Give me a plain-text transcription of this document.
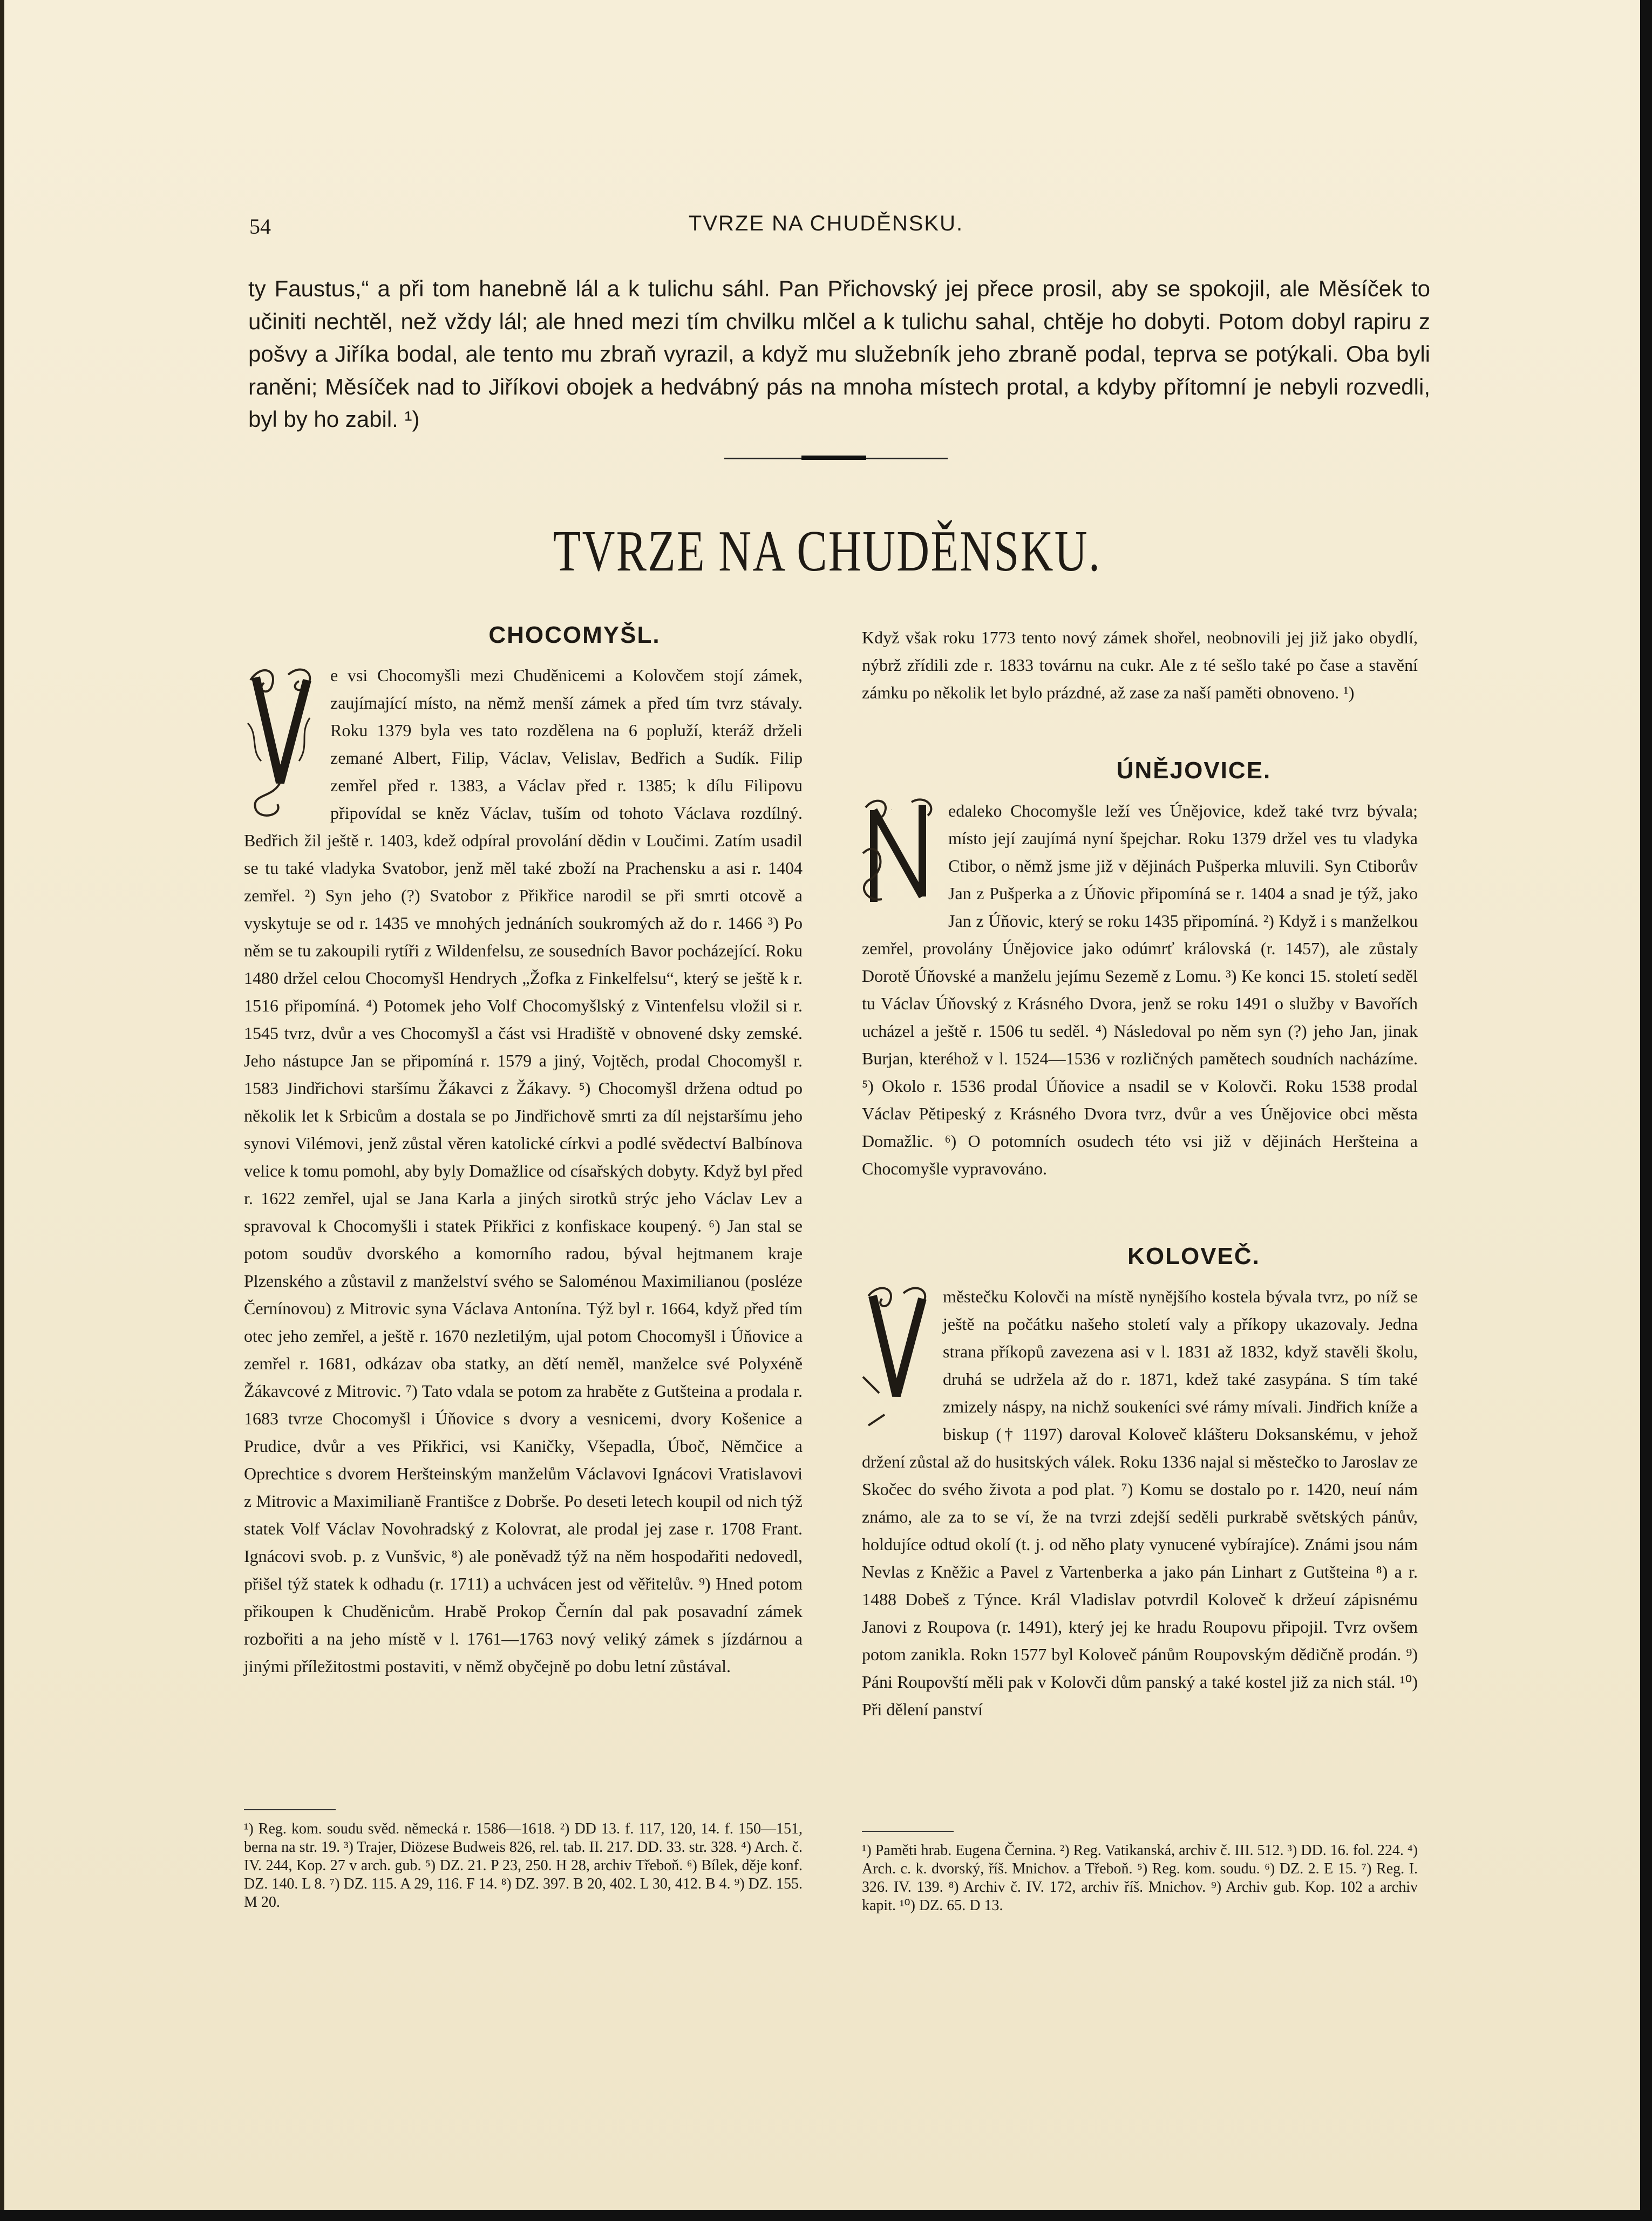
54	TVRZE NA CHUDĚNSKU.

ty Faustus,“ a při tom hanebně lál a k tulichu sáhl. Pan Přichovský jej přece prosil, aby se spokojil, ale Měsíček to učiniti nechtěl, než vždy lál; ale hned mezi tím chvilku mlčel a k tulichu sahal, chtěje ho dobyti. Potom dobyl rapiru z pošvy a Jiříka bodal, ale tento mu zbraň vyrazil, a když mu služebník jeho zbraně podal, teprva se potýkali. Oba byli raněni; Měsíček nad to Jiříkovi obojek a hedvábný pás na mnoha místech protal, a kdyby přítomní je nebyli rozvedli, byl by ho zabil. ¹)

TVRZE NA CHUDĚNSKU.
CHOCOMYŠL.

V	e vsi Chocomyšli mezi Chuděnicemi a Kolovčem stojí zámek, zaujímající místo, na němž menší zámek a před tím tvrz stávaly. Roku 1379 byla ves tato rozdělena na 6 popluží, kteráž drželi zemané Albert, Filip, Václav, Velislav, Bedřich a Sudík. Filip zemřel před r. 1383, a Václav před r. 1385; k dílu Filipovu připovídal se kněz Václav, tuším od tohoto Václava rozdílný. Bedřich žil ještě r. 1403, kdež odpíral provolání dědin v Loučimi. Zatím usadil se tu také vladyka Svatobor, jenž měl také zboží na Prachensku a asi r. 1404 zemřel. ²) Syn jeho (?) Svatobor z Přikřice narodil se při smrti otcově a vyskytuje se od r. 1435 ve mnohých jednáních soukromých až do r. 1466 ³) Po něm se tu zakoupili rytíři z Wildenfelsu, ze sousedních Bavor pocházející. Roku 1480 držel celou Chocomyšl Hendrych „Žofka z Finkelfelsu“, který se ještě k r. 1516 připomíná. ⁴) Potomek jeho Volf Chocomyšlský z Vintenfelsu vložil si r. 1545 tvrz, dvůr a ves Chocomyšl a část vsi Hradiště v obnovené dsky zemské. Jeho nástupce Jan se připomíná r. 1579 a jiný, Vojtěch, prodal Chocomyšl r. 1583 Jindřichovi staršímu Žákavci z Žákavy. ⁵) Chocomyšl držena odtud po několik let k Srbicům a dostala se po Jindřichově smrti za díl nejstaršímu jeho synovi Vilémovi, jenž zůstal věren katolické církvi a podlé svědectví Balbínova velice k tomu pomohl, aby byly Domažlice od císařských dobyty. Když byl před r. 1622 zemřel, ujal se Jana Karla a jiných sirotků strýc jeho Václav Lev a spravoval k Chocomyšli i statek Přikřici z konfiskace koupený. ⁶) Jan stal se potom soudův dvorského a komorního radou, býval hejtmanem kraje Plzenského a zůstavil z manželství svého se Saloménou Maximilianou (posléze Černínovou) z Mitrovic syna Václava Antonína. Týž byl r. 1664, když před tím otec jeho zemřel, a ještě r. 1670 nezletilým, ujal potom Chocomyšl i Úňovice a zemřel r. 1681, odkázav oba statky, an dětí neměl, manželce své Polyxéně Žákavcové z Mitrovic. ⁷) Tato vdala se potom za hraběte z Gutšteina a prodala r. 1683 tvrze Chocomyšl i Úňovice s dvory a vesnicemi, dvory Košenice a Prudice, dvůr a ves Přikřici, vsi Kaničky, Všepadla, Úboč, Němčice a Oprechtice s dvorem Heršteinským manželům Václavovi Ignácovi Vratislavovi z Mitrovic a Maximilianě Františce z Dobrše. Po deseti letech koupil od nich týž statek Volf Václav Novohradský z Kolovrat, ale prodal jej zase r. 1708 Frant. Ignácovi svob. p. z Vunšvic, ⁸) ale poněvadž týž na něm hospodařiti nedovedl, přišel týž statek k odhadu (r. 1711) a uchvácen jest od věřitelův. ⁹) Hned potom přikoupen k Chuděnicům. Hrabě Prokop Černín dal pak posavadní zámek rozbořiti a na jeho místě v l. 1761—1763 nový veliký zámek s jízdárnou a jinými příležitostmi postaviti, v němž obyčejně po dobu letní zůstával.

¹) Reg. kom. soudu svěd. německá r. 1586—1618. ²) DD 13. f. 117, 120, 14. f. 150—151, berna na str. 19. ³) Trajer, Diözese Budweis 826, rel. tab. II. 217. DD. 33. str. 328. ⁴) Arch. č. IV. 244, Kop. 27 v arch. gub. ⁵) DZ. 21. P 23, 250. H 28, archiv Třeboň. ⁶) Bílek, děje konf. DZ. 140. L 8. ⁷) DZ. 115. A 29, 116. F 14. ⁸) DZ. 397. B 20, 402. L 30, 412. B 4. ⁹) DZ. 155. M 20.

Když však roku 1773 tento nový zámek shořel, neobnovili jej již jako obydlí, nýbrž zřídili zde r. 1833 továrnu na cukr. Ale z té sešlo také po čase a stavění zámku po několik let bylo prázdné, až zase za naší paměti obnoveno. ¹)

ÚNĚJOVICE.

N	edaleko Chocomyšle leží ves Únějovice, kdež také tvrz bývala; místo její zaujímá nyní špejchar. Roku 1379 držel ves tu vladyka Ctibor, o němž jsme již v dějinách Pušperka mluvili. Syn Ctiborův Jan z Pušperka a z Úňovic připomíná se r. 1404 a snad je týž, jako Jan z Úňovic, který se roku 1435 připomíná. ²) Když i s manželkou zemřel, provolány Únějovice jako odúmrť královská (r. 1457), ale zůstaly Dorotě Úňovské a manželu jejímu Sezemě z Lomu. ³) Ke konci 15. století seděl tu Václav Úňovský z Krásného Dvora, jenž se roku 1491 o služby v Bavořích ucházel a ještě r. 1506 tu seděl. ⁴) Následoval po něm syn (?) jeho Jan, jinak Burjan, kteréhož v l. 1524—1536 v rozličných pamětech soudních nacházíme. ⁵) Okolo r. 1536 prodal Úňovice a nsadil se v Kolovči. Roku 1538 prodal Václav Pětipeský z Krásného Dvora tvrz, dvůr a ves Únějovice obci města Domažlic. ⁶) O potomních osudech této vsi již v dějinách Heršteina a Chocomyšle vypravováno.

KOLOVEČ.

V	městečku Kolovči na místě nynějšího kostela bývala tvrz, po níž se ještě na počátku našeho století valy a příkopy ukazovaly. Jedna strana příkopů zavezena asi v l. 1831 až 1832, když stavěli školu, druhá se udržela až do r. 1871, kdež také zasypána. S tím také zmizely náspy, na nichž soukeníci své rámy mívali. Jindřich kníže a biskup († 1197) daroval Koloveč klášteru Doksanskému, v jehož držení zůstal až do husitských válek. Roku 1336 najal si městečko to Jaroslav ze Skočec do svého života a pod plat. ⁷) Komu se dostalo po r. 1420, neuí nám známo, ale za to se ví, že na tvrzi zdejší seděli purkrabě světských pánův, holdujíce odtud okolí (t. j. od něho platy vynucené vybírajíce). Známi jsou nám Nevlas z Kněžic a Pavel z Vartenberka a jako pán Linhart z Gutšteina ⁸) a r. 1488 Dobeš z Týnce. Král Vladislav potvrdil Koloveč k držeuí zápisnému Janovi z Roupova (r. 1491), který jej ke hradu Roupovu připojil. Tvrz ovšem potom zanikla. Rokn 1577 byl Koloveč pánům Roupovským dědičně prodán. ⁹) Páni Roupovští měli pak v Kolovči dům panský a také kostel již za nich stál. ¹⁰) Při dělení panství

¹) Paměti hrab. Eugena Černina. ²) Reg. Vatikanská, archiv č. III. 512. ³) DD. 16. fol. 224. ⁴) Arch. c. k. dvorský, říš. Mnichov. a Třeboň. ⁵) Reg. kom. soudu. ⁶) DZ. 2. E 15. ⁷) Reg. I. 326. IV. 139. ⁸) Archiv č. IV. 172, archiv říš. Mnichov. ⁹) Archiv gub. Kop. 102 a archiv kapit. ¹⁰) DZ. 65. D 13.
